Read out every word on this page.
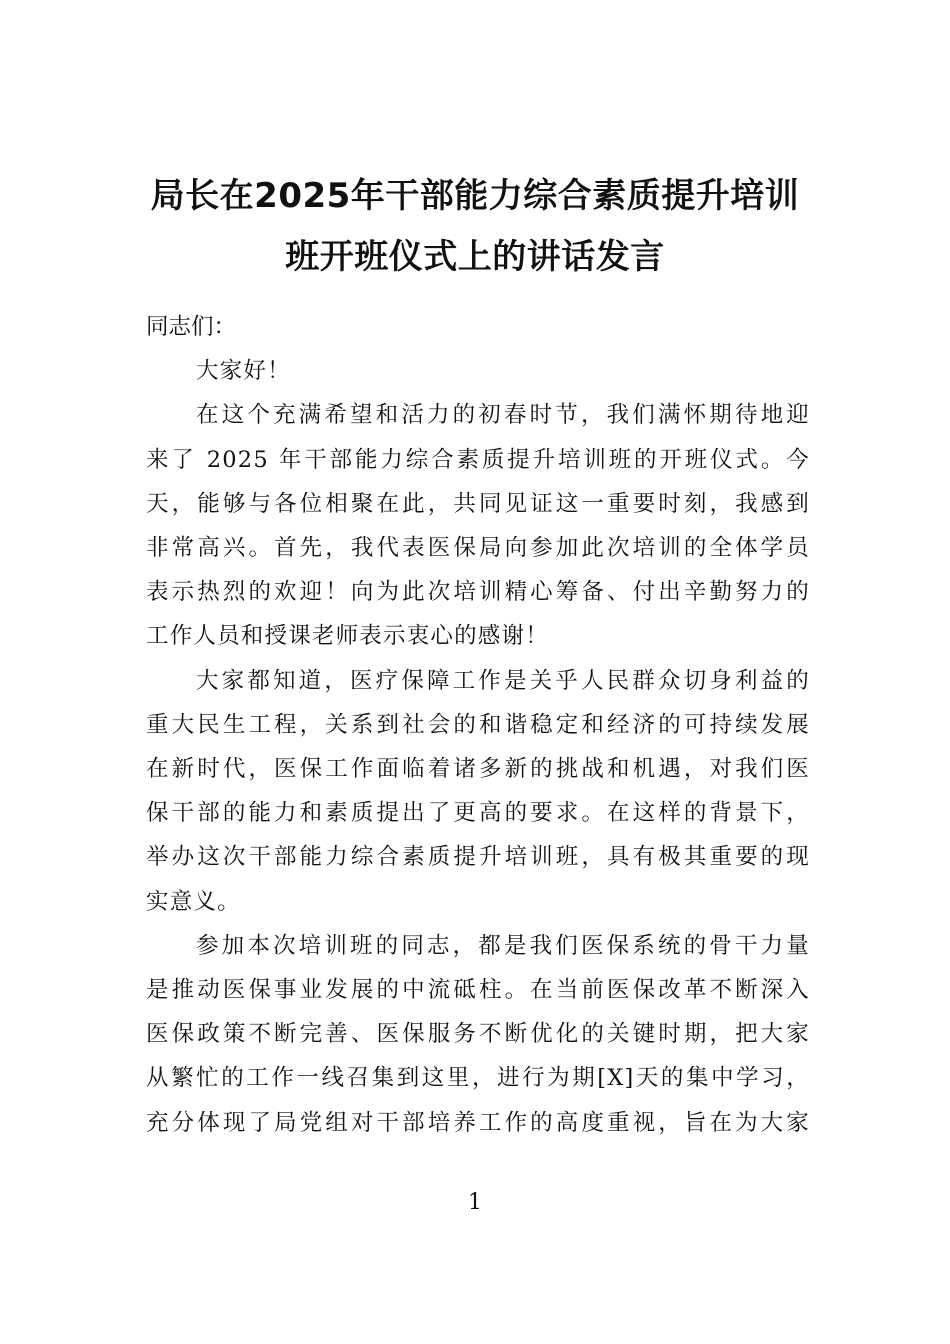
局长在2025年干部能力综合素质提升培训
班开班仪式上的讲话发言

同志们：

大家好！

在这个充满希望和活力的初春时节，我们满怀期待地迎
来了 2025 年干部能力综合素质提升培训班的开班仪式。今
天，能够与各位相聚在此，共同见证这一重要时刻，我感到
非常高兴。首先，我代表医保局向参加此次培训的全体学员
表示热烈的欢迎！向为此次培训精心筹备、付出辛勤努力的
工作人员和授课老师表示衷心的感谢！

大家都知道，医疗保障工作是关乎人民群众切身利益的
重大民生工程，关系到社会的和谐稳定和经济的可持续发展
在新时代，医保工作面临着诸多新的挑战和机遇，对我们医
保干部的能力和素质提出了更高的要求。在这样的背景下，
举办这次干部能力综合素质提升培训班，具有极其重要的现
实意义。

参加本次培训班的同志，都是我们医保系统的骨干力量
是推动医保事业发展的中流砥柱。在当前医保改革不断深入
医保政策不断完善、医保服务不断优化的关键时期，把大家
从繁忙的工作一线召集到这里，进行为期[X]天的集中学习，
充分体现了局党组对干部培养工作的高度重视，旨在为大家

1
